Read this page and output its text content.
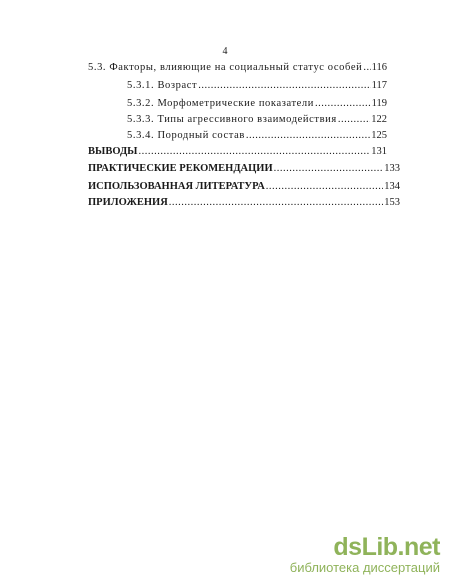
4
5.3. Факторы, влияющие на социальный статус особей ..... 116
5.3.1. Возраст .....	117
5.3.2. Морфометрические показатели .....	119
5.3.3. Типы агрессивного взаимодействия .....	122
5.3.4. Породный состав .....	125
ВЫВОДЫ .....	131
ПРАКТИЧЕСКИЕ РЕКОМЕНДАЦИИ .....	133
ИСПОЛЬЗОВАННАЯ ЛИТЕРАТУРА .....	134
ПРИЛОЖЕНИЯ .....	153
dsLib.net
библиотека диссертаций
